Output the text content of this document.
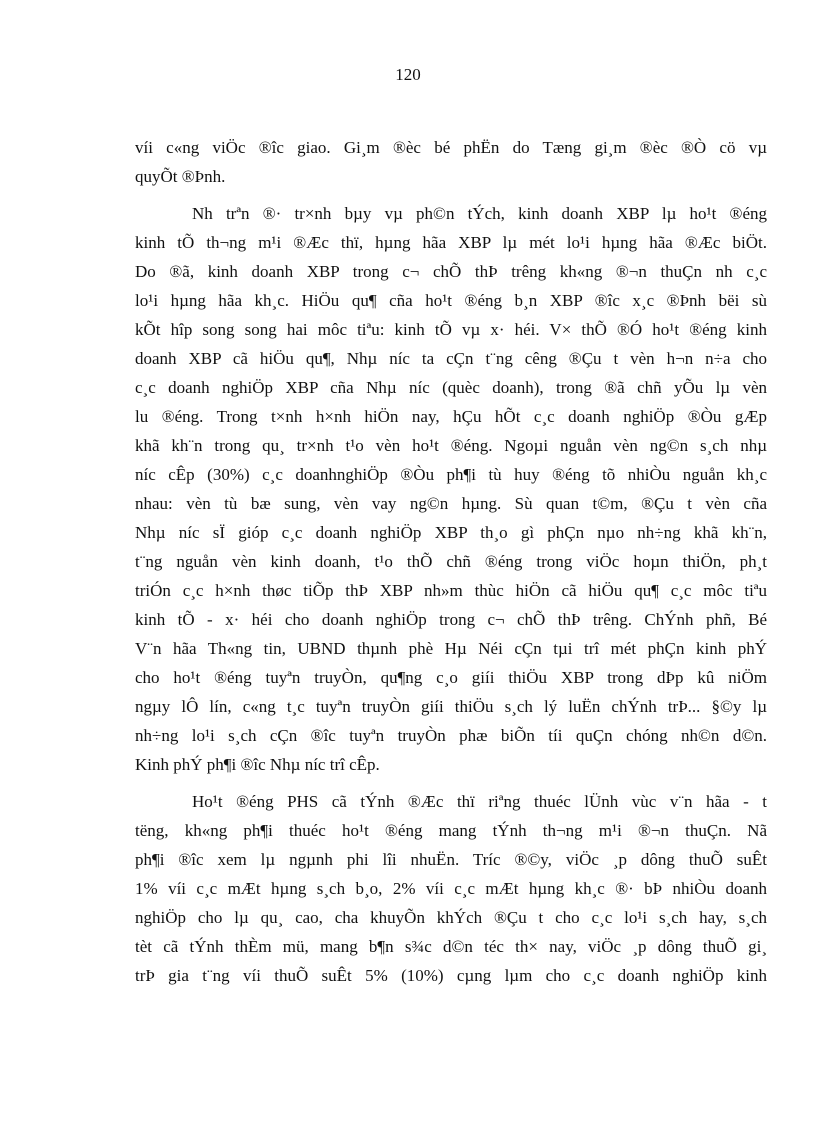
120

víi c«ng viÖc ®îc giao. Gi¸m ®èc bé phËn do Tæng gi¸m ®èc ®Ò cö vµ
quyÕt ®Þnh.

Nh trªn ®· tr×nh bµy vµ ph©n tÝch, kinh doanh XBP lµ ho¹t ®éng
kinh tÕ th¬ng m¹i ®Æc thï, hµng hãa XBP lµ mét lo¹i hµng hãa ®Æc biÖt.
Do ®ã, kinh doanh XBP trong c¬ chÕ thÞ trêng kh«ng ®¬n thuÇn nh c¸c
lo¹i hµng hãa kh¸c. HiÖu qu¶ cña ho¹t ®éng b¸n XBP ®îc x¸c ®Þnh bëi sù
kÕt hîp song song hai môc tiªu: kinh tÕ vµ x· héi. V× thÕ ®Ó ho¹t ®éng kinh
doanh XBP cã hiÖu qu¶, Nhµ níc ta cÇn t¨ng cêng ®Çu t vèn h¬n n÷a cho
c¸c doanh nghiÖp XBP cña Nhµ níc (quèc doanh), trong ®ã chñ yÕu lµ vèn
lu ®éng. Trong t×nh h×nh hiÖn nay, hÇu hÕt c¸c doanh nghiÖp ®Òu gÆp
khã kh¨n trong qu¸ tr×nh t¹o vèn ho¹t ®éng. Ngoµi nguån vèn ng©n s¸ch nhµ
níc cÊp (30%) c¸c doanhnghiÖp ®Òu ph¶i tù huy ®éng tõ nhiÒu nguån kh¸c
nhau: vèn tù bæ sung, vèn vay ng©n hµng. Sù quan t©m, ®Çu t vèn cña
Nhµ níc sÏ gióp c¸c doanh nghiÖp XBP th¸o gì phÇn nµo nh÷ng khã kh¨n,
t¨ng nguån vèn kinh doanh, t¹o thÕ chñ ®éng trong viÖc hoµn thiÖn, ph¸t
triÓn c¸c h×nh thøc tiÕp thÞ XBP nh»m thùc hiÖn cã hiÖu qu¶ c¸c môc tiªu
kinh tÕ - x· héi cho doanh nghiÖp trong c¬ chÕ thÞ trêng. ChÝnh phñ, Bé
V¨n hãa Th«ng tin, UBND thµnh phè Hµ Néi cÇn tµi trî mét phÇn kinh phÝ
cho ho¹t ®éng tuyªn truyÒn, qu¶ng c¸o giíi thiÖu XBP trong dÞp kû niÖm
ngµy lÔ lín, c«ng t¸c tuyªn truyÒn giíi thiÖu s¸ch lý luËn chÝnh trÞ... §©y lµ
nh÷ng lo¹i s¸ch cÇn ®îc tuyªn truyÒn phæ biÕn tíi quÇn chóng nh©n d©n.
Kinh phÝ ph¶i ®îc Nhµ níc trî cÊp.

Ho¹t ®éng PHS cã tÝnh ®Æc thï riªng thuéc lÜnh vùc v¨n hãa - t
tëng, kh«ng ph¶i thuéc ho¹t ®éng mang tÝnh th¬ng m¹i ®¬n thuÇn. Nã
ph¶i ®îc xem lµ ngµnh phi lîi nhuËn. Tríc ®©y, viÖc ¸p dông thuÕ suÊt
1% víi c¸c mÆt hµng s¸ch b¸o, 2% víi c¸c mÆt hµng kh¸c ®· bÞ nhiÒu doanh
nghiÖp cho lµ qu¸ cao, cha khuyÕn khÝch ®Çu t cho c¸c lo¹i s¸ch hay, s¸ch
tèt cã tÝnh thÈm mü, mang b¶n s¾c d©n téc th× nay, viÖc ¸p dông thuÕ gi¸
trÞ gia t¨ng víi thuÕ suÊt 5% (10%) cµng lµm cho c¸c doanh nghiÖp kinh
